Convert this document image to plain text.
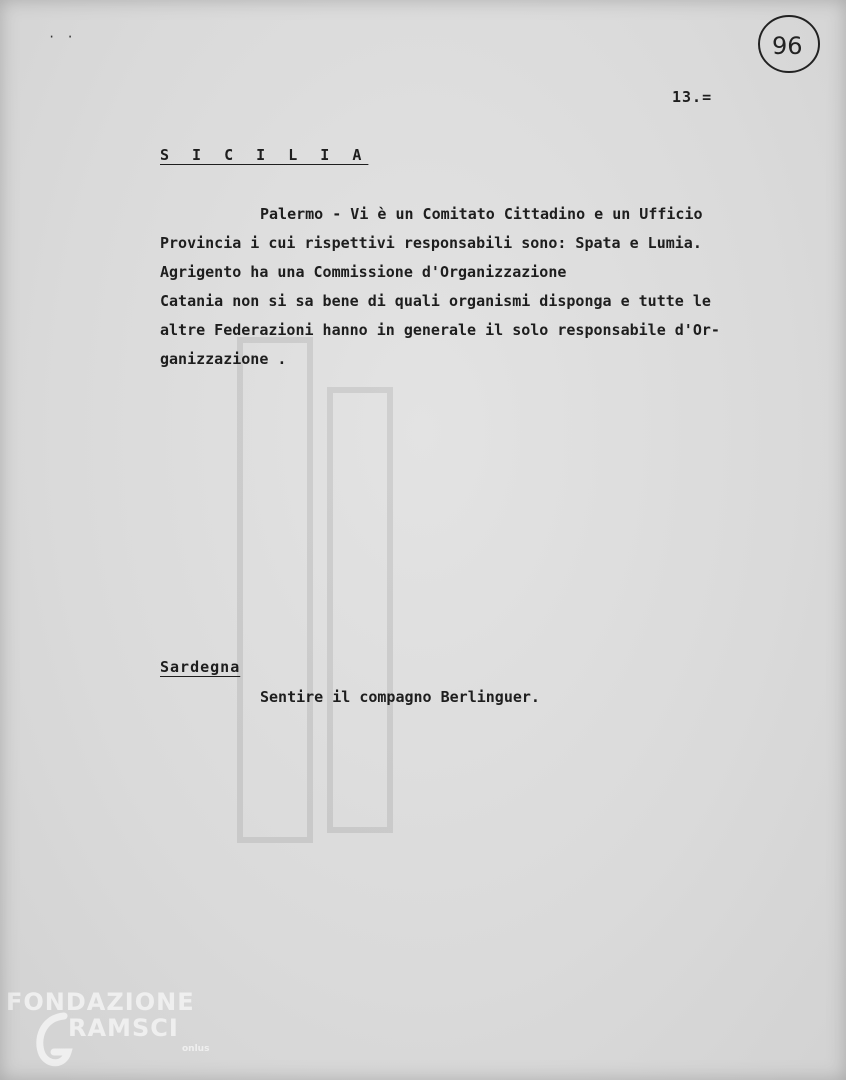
· ·	96
13.=
S I C I L I A
Palermo - Vi è un Comitato Cittadino e un Ufficio
Provincia i cui rispettivi responsabili sono: Spata e Lumia.
Agrigento ha una Commissione d'Organizzazione
Catania non si sa bene di quali organismi disponga e tutte le
altre Federazioni hanno in generale il solo responsabile d'Or-
ganizzazione .
Sardegna
Sentire il compagno Berlinguer.
FONDAZIONE
RAMSCI
onlus
